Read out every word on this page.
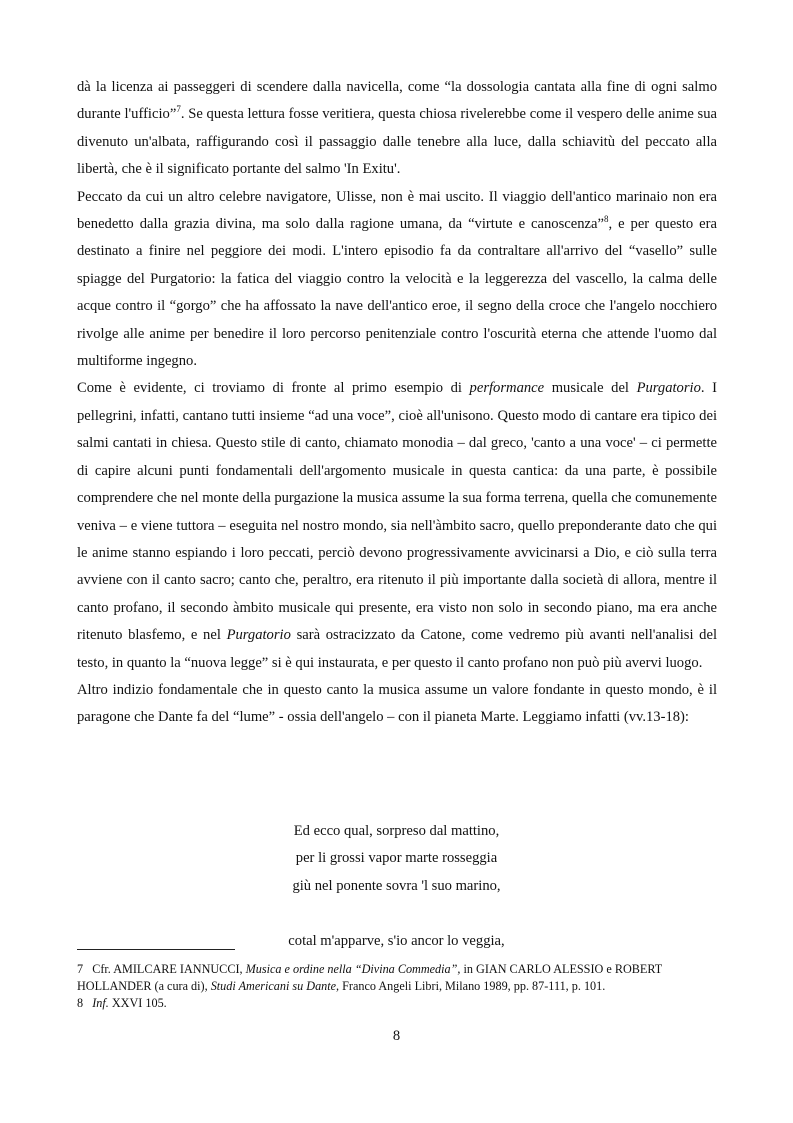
dà la licenza ai passeggeri di scendere dalla navicella, come “la dossologia cantata alla fine di ogni salmo durante l'ufficio”$^7$. Se questa lettura fosse veritiera, questa chiosa rivelerebbe come il vespero delle anime sua divenuto un'albata, raffigurando così il passaggio dalle tenebre alla luce, dalla schiavitù del peccato alla libertà, che è il significato portante del salmo 'In Exitu'.

Peccato da cui un altro celebre navigatore, Ulisse, non è mai uscito. Il viaggio dell'antico marinaio non era benedetto dalla grazia divina, ma solo dalla ragione umana, da “virtute e canoscenza”$^8$, e per questo era destinato a finire nel peggiore dei modi. L'intero episodio fa da contraltare all'arrivo del “vasello” sulle spiagge del Purgatorio: la fatica del viaggio contro la velocità e la leggerezza del vascello, la calma delle acque contro il “gorgo” che ha affossato la nave dell'antico eroe, il segno della croce che l'angelo nocchiero rivolge alle anime per benedire il loro percorso penitenziale contro l'oscurità eterna che attende l'uomo dal multiforme ingegno.

Come è evidente, ci troviamo di fronte al primo esempio di performance musicale del Purgatorio. I pellegrini, infatti, cantano tutti insieme “ad una voce”, cioè all'unisono. Questo modo di cantare era tipico dei salmi cantati in chiesa. Questo stile di canto, chiamato monodia – dal greco, 'canto a una voce' – ci permette di capire alcuni punti fondamentali dell'argomento musicale in questa cantica: da una parte, è possibile comprendere che nel monte della purgazione la musica assume la sua forma terrena, quella che comunemente veniva – e viene tuttora – eseguita nel nostro mondo, sia nell'àmbito sacro, quello preponderante dato che qui le anime stanno espiando i loro peccati, perciò devono progressivamente avvicinarsi a Dio, e ciò sulla terra avviene con il canto sacro; canto che, peraltro, era ritenuto il più importante dalla società di allora, mentre il canto profano, il secondo àmbito musicale qui presente, era visto non solo in secondo piano, ma era anche ritenuto blasfemo, e nel Purgatorio sarà ostracizzato da Catone, come vedremo più avanti nell'analisi del testo, in quanto la “nuova legge” si è qui instaurata, e per questo il canto profano non può più avervi luogo.

Altro indizio fondamentale che in questo canto la musica assume un valore fondante in questo mondo, è il paragone che Dante fa del “lume” - ossia dell'angelo – con il pianeta Marte. Leggiamo infatti (vv.13-18):

Ed ecco qual, sorpreso dal mattino,
per li grossi vapor marte rosseggia
giù nel ponente sovra 'l suo marino,
cotal m'apparve, s'io ancor lo veggia,

7 Cfr. AMILCARE IANNUCCI, Musica e ordine nella “Divina Commedia”, in GIAN CARLO ALESSIO e ROBERT HOLLANDER (a cura di), Studi Americani su Dante, Franco Angeli Libri, Milano 1989, pp. 87-111, p. 101.

8 Inf. XXVI 105.

8
